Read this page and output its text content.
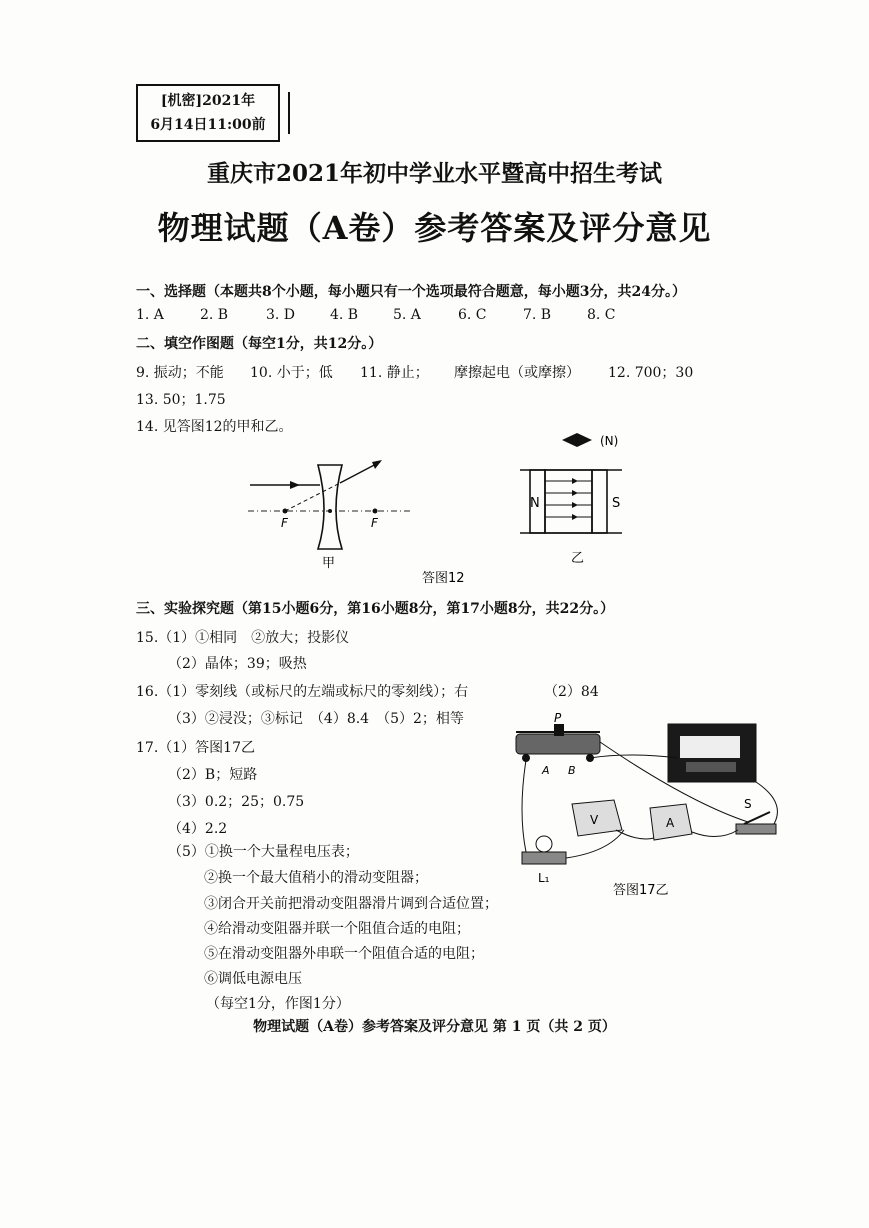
[机密]2021年
6月14日11:00前
重庆市2021年初中学业水平暨高中招生考试
物理试题（A卷）参考答案及评分意见
一、选择题（本题共8个小题，每小题只有一个选项最符合题意，每小题3分，共24分。）
1. A	2. B	3. D 4. B 5. A	6. C	7. B	8. C
二、填空作图题（每空1分，共12分。）
9. 振动；不能 10. 小于；低 11. 静止； 摩擦起电（或摩擦） 12. 700；30
13. 50；1.75
14. 见答图12的甲和乙。
F	F
甲
(N)
N	S
乙
答图12
三、实验探究题（第15小题6分，第16小题8分，第17小题8分，共22分。）
15.（1）①相同　②放大；投影仪
（2）晶体；39；吸热
16.（1）零刻线（或标尺的左端或标尺的零刻线）；右	（2）84
（3）②浸没；③标记　（4）8.4　（5）2；相等
17.（1）答图17乙
（2）B；短路
（3）0.2；25；0.75
（4）2.2
（5）①换一个大量程电压表；
②换一个最大值稍小的滑动变阻器；
③闭合开关前把滑动变阻器滑片调到合适位置；
④给滑动变阻器并联一个阻值合适的电阻；
⑤在滑动变阻器外串联一个阻值合适的电阻；
⑥调低电源电压
（每空1分，作图1分）
P
A B
V	A
L₁
S
答图17乙
物理试题（A卷）参考答案及评分意见 第 1 页（共 2 页）
